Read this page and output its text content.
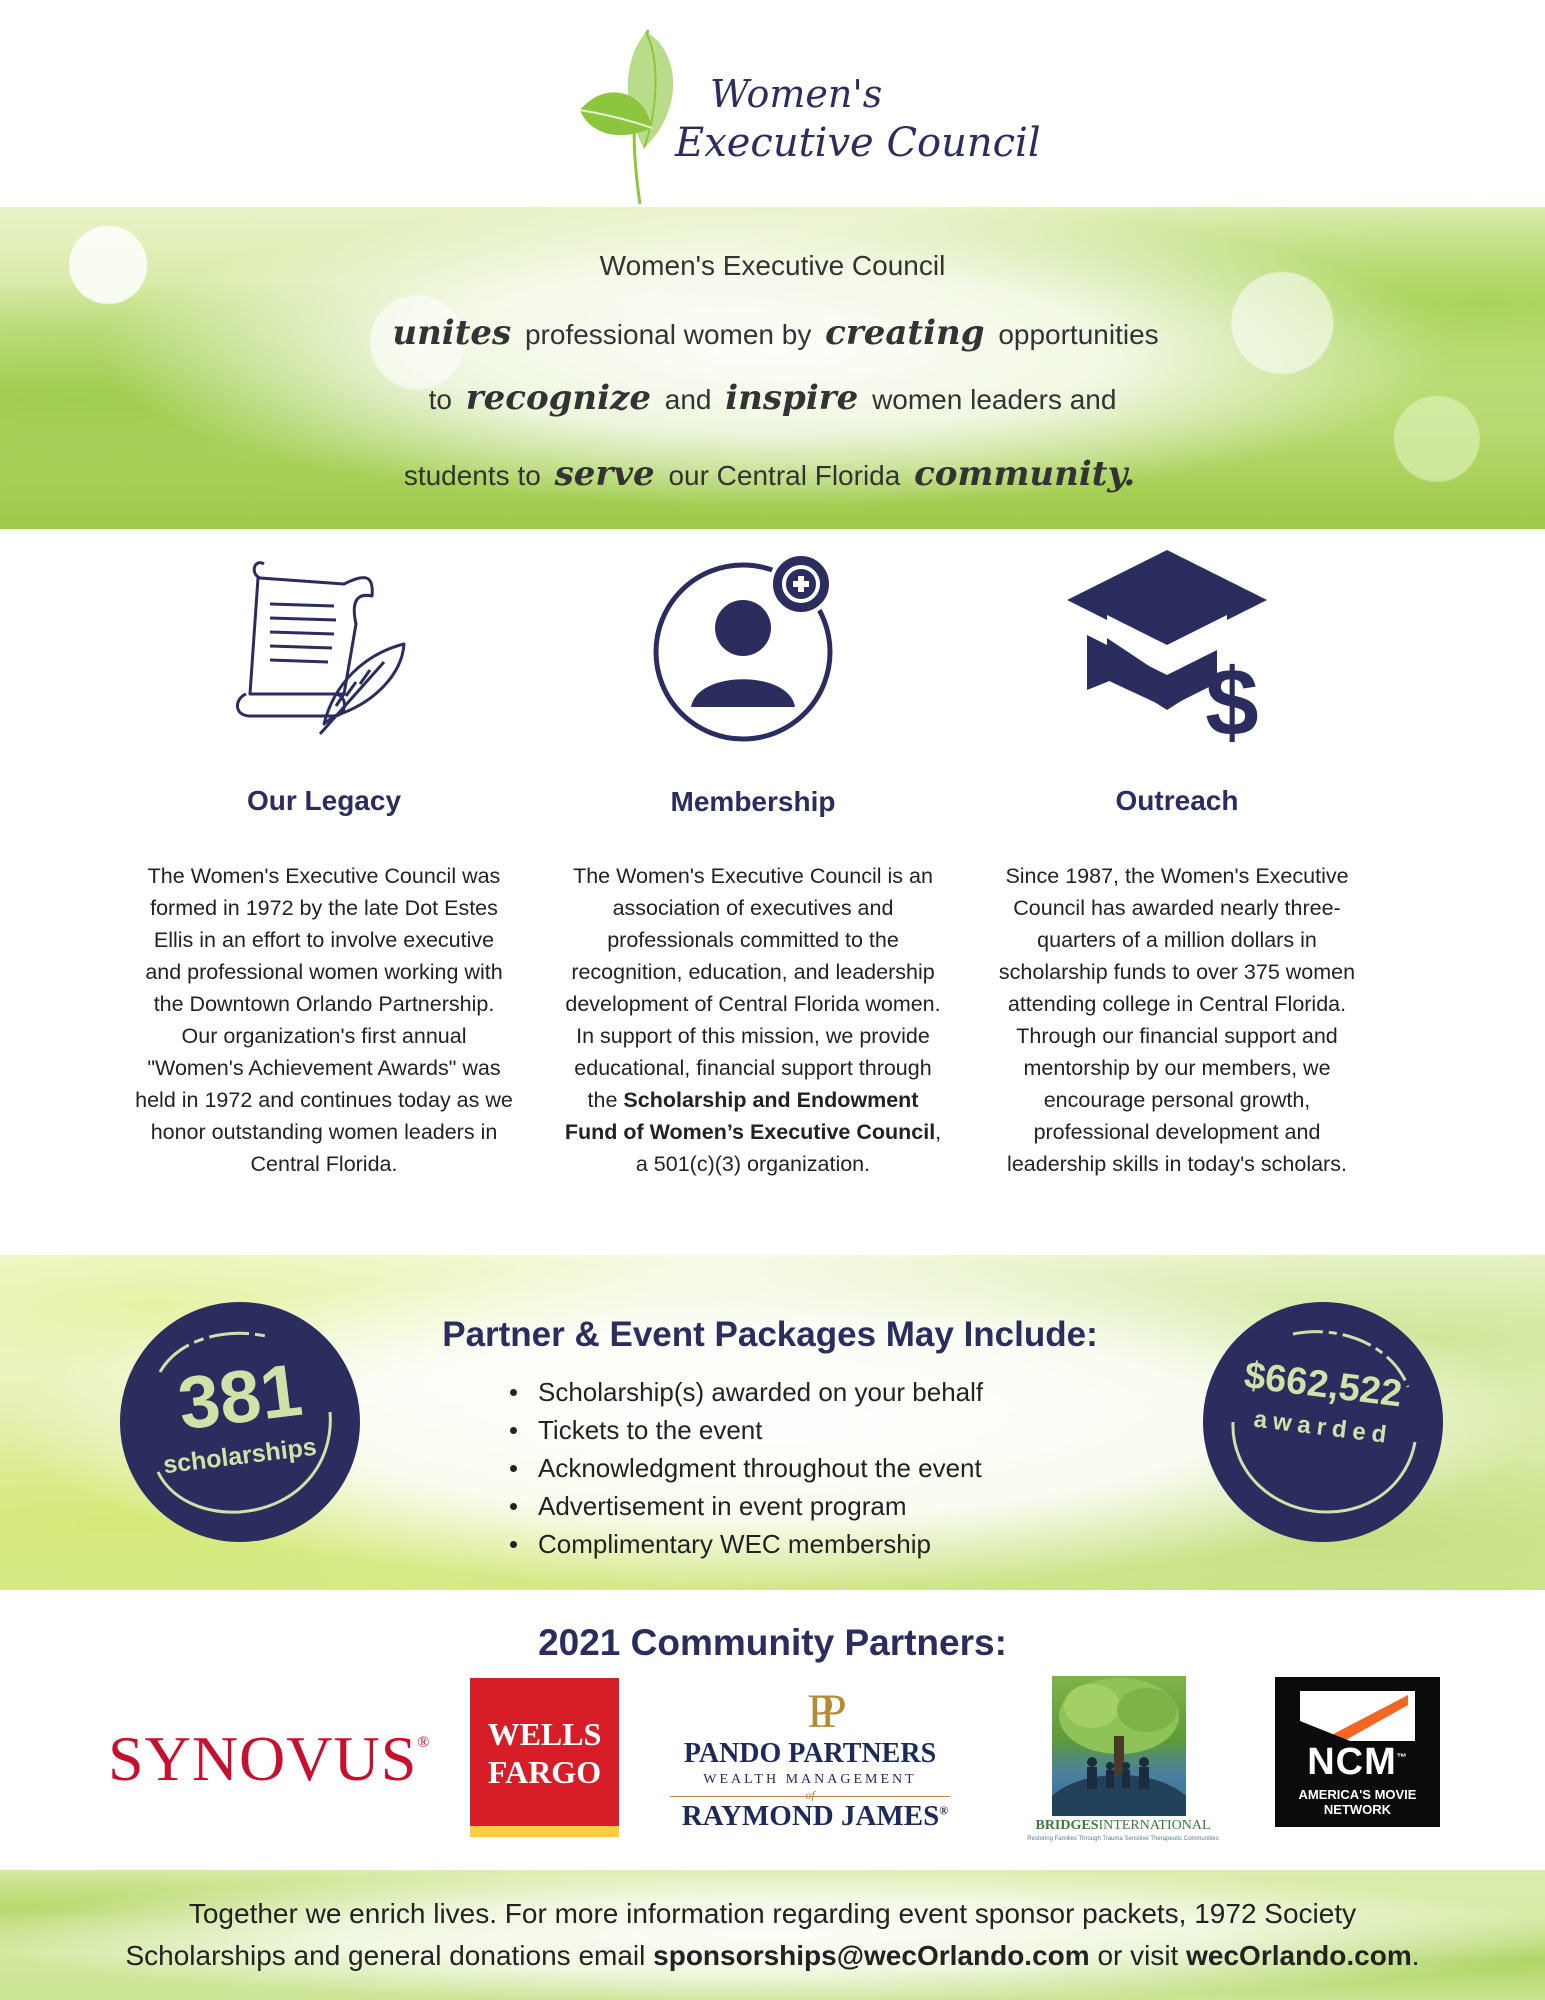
Women's
Executive Council
Women's Executive Council
unites professional women by creating opportunities
to recognize and inspire women leaders and
students to serve our Central Florida community.
Our Legacy

The Women's Executive Council was formed in 1972 by the late Dot Estes Ellis in an effort to involve executive and professional women working with the Downtown Orlando Partnership. Our organization's first annual "Women's Achievement Awards" was held in 1972 and continues today as we honor outstanding women leaders in Central Florida.

Membership

The Women's Executive Council is an association of executives and professionals committed to the recognition, education, and leadership development of Central Florida women. In support of this mission, we provide educational, financial support through the Scholarship and Endowment Fund of Women’s Executive Council, a 501(c)(3) organization.

$
Outreach

Since 1987, the Women's Executive Council has awarded nearly three-quarters of a million dollars in scholarship funds to over 375 women attending college in Central Florida. Through our financial support and mentorship by our members, we encourage personal growth, professional development and leadership skills in today's scholars.

381
scholarships
Partner & Event Packages May Include:
Scholarship(s) awarded on your behalf
Tickets to the event
Acknowledgment throughout the event
Advertisement in event program
Complimentary WEC membership
$662,522
awarded
2021 Community Partners:
SYNOVUS®	WELLS
FARGO
PP
PANDO PARTNERS
WEALTH MANAGEMENT
of
RAYMOND JAMES®
BRIDGESINTERNATIONAL
Restoring Families Through Trauma Sensitive Therapeutic Communities
NCM™
AMERICA'S MOVIE
NETWORK
Together we enrich lives. For more information regarding event sponsor packets, 1972 Society
Scholarships and general donations email sponsorships@wecOrlando.com or visit wecOrlando.com.
